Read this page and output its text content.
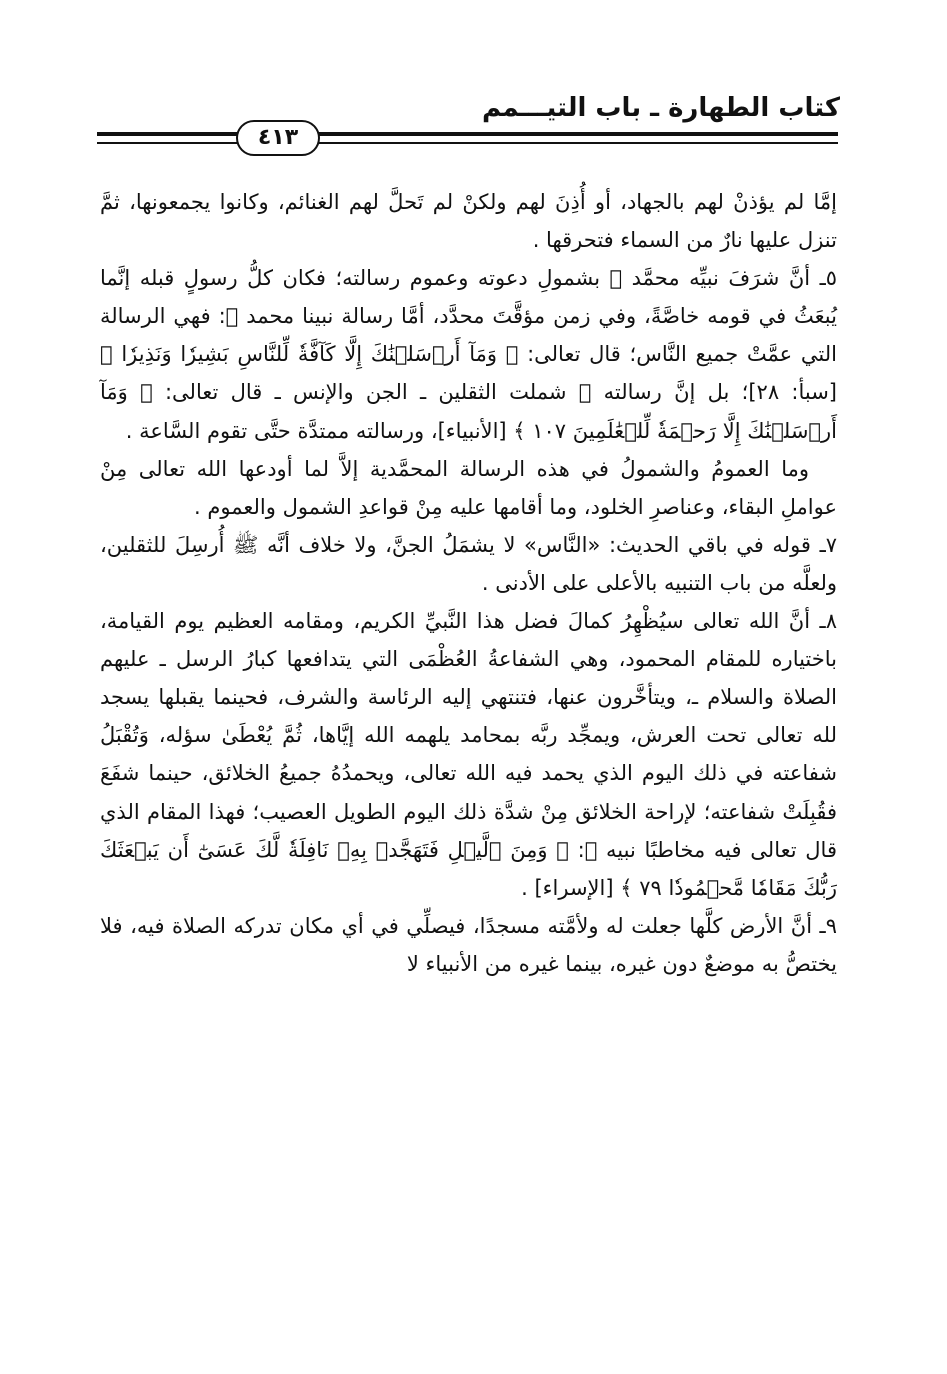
كتاب الطهارة ـ باب التيـــمم
٤١٣

إمَّا لم يؤذنْ لهم بالجهاد، أو أُذِنَ لهم ولكنْ لم تَحلَّ لهم الغنائم، وكانوا يجمعونها، ثمَّ تنزل عليها نارٌ من السماء فتحرقها .

٥ـ أنَّ شرَفَ نبيِّه محمَّد ﷺ بشمولِ دعوته وعموم رسالته؛ فكان كلُّ رسولٍ قبله إنَّما يُبعَثُ في قومه خاصَّةً، وفي زمن مؤقَّتَ محدَّد، أمَّا رسالة نبينا محمد ﷺ: فهي الرسالة التي عمَّتْ جميع النَّاس؛ قال تعالى: ﴿ وَمَآ أَرۡسَلۡنَٰكَ إِلَّا كَآفَّةٗ لِّلنَّاسِ بَشِيرٗا وَنَذِيرٗا ﴾ [سبأ: ٢٨]؛ بل إنَّ رسالته ﷺ شملت الثقلين ـ الجن والإنس ـ قال تعالى: ﴿ وَمَآ أَرۡسَلۡنَٰكَ إِلَّا رَحۡمَةٗ لِّلۡعَٰلَمِينَ ١٠٧ ﴾ [الأنبياء]، ورسالته ممتدَّة حتَّى تقوم السَّاعة .

وما العمومُ والشمولُ في هذه الرسالة المحمَّدية إلاَّ لما أودعها الله تعالى مِنْ عواملِ البقاء، وعناصرِ الخلود، وما أقامها عليه مِنْ قواعدِ الشمول والعموم .

٧ـ قوله في باقي الحديث: «النَّاس» لا يشمَلُ الجنَّ، ولا خلاف أنَّه ﷺ أُرسِلَ للثقلين، ولعلَّه من باب التنبيه بالأعلى على الأدنى .

٨ـ أنَّ الله تعالى سيُظْهِرُ كمالَ فضل هذا النَّبيِّ الكريم، ومقامه العظيم يوم القيامة، باختياره للمقام المحمود، وهي الشفاعةُ العُظْمَى التي يتدافعها كبارُ الرسل ـ عليهم الصلاة والسلام ـ، ويتأخَّرون عنها، فتنتهي إليه الرئاسة والشرف، فحينما يقبلها يسجد لله تعالى تحت العرش، ويمجِّد ربَّه بمحامد يلهمه الله إيَّاها، ثُمَّ يُعْطَىٰ سؤله، وَتُقْبَلُ شفاعته في ذلك اليوم الذي يحمد فيه الله تعالى، ويحمدُهُ جميعُ الخلائق، حينما شفَعَ فقُبِلَتْ شفاعته؛ لإراحة الخلائق مِنْ شدَّة ذلك اليوم الطويل العصيب؛ فهذا المقام الذي قال تعالى فيه مخاطبًا نبيه ﷺ: ﴿ وَمِنَ ٱلَّيۡلِ فَتَهَجَّدۡ بِهِۦ نَافِلَةٗ لَّكَ عَسَىٰٓ أَن يَبۡعَثَكَ رَبُّكَ مَقَامٗا مَّحۡمُودٗا ٧٩ ﴾ [الإسراء] .

٩ـ أنَّ الأرض كلَّها جعلت له ولأمَّته مسجدًا، فيصلِّي في أي مكان تدركه الصلاة فيه، فلا يختصُّ به موضعٌ دون غيره، بينما غيره من الأنبياء لا
